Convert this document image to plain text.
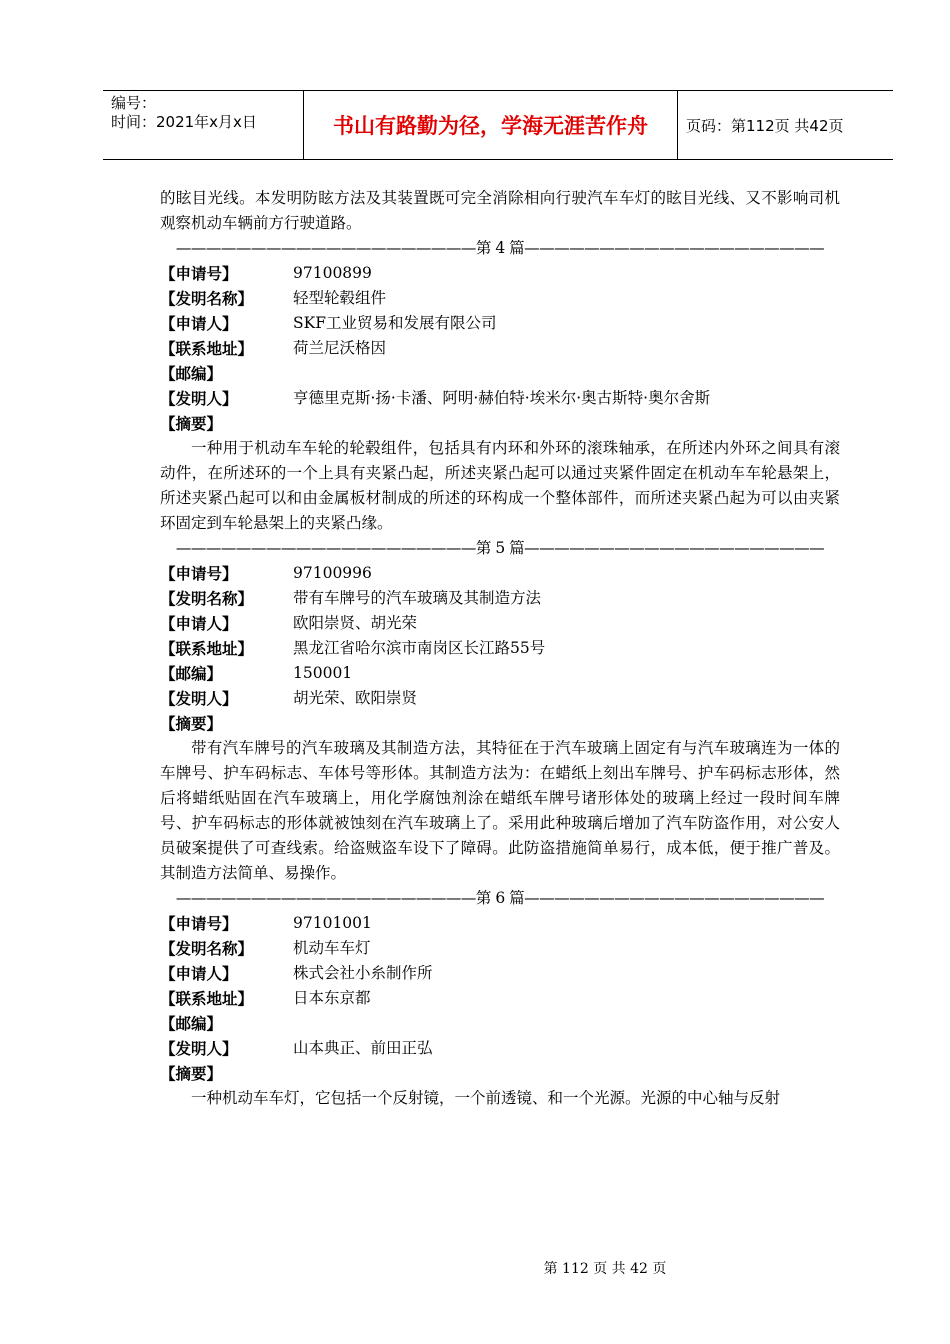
编号：
时间：2021年x月x日	书山有路勤为径，学海无涯苦作舟	页码：第112页 共42页

的眩目光线。本发明防眩方法及其装置既可完全消除相向行驶汽车车灯的眩目光线、又不影响司机观察机动车辆前方行驶道路。

————————————————————第 4 篇————————————————————
【申请号】	97100899
【发明名称】	轻型轮毂组件
【申请人】	SKF工业贸易和发展有限公司
【联系地址】	荷兰尼沃格因
【邮编】
【发明人】	亨德里克斯·扬·卡潘、阿明·赫伯特·埃米尔·奥古斯特·奥尔舍斯
【摘要】

一种用于机动车车轮的轮毂组件，包括具有内环和外环的滚珠轴承，在所述内外环之间具有滚动件，在所述环的一个上具有夹紧凸起，所述夹紧凸起可以通过夹紧件固定在机动车车轮悬架上，所述夹紧凸起可以和由金属板材制成的所述的环构成一个整体部件，而所述夹紧凸起为可以由夹紧环固定到车轮悬架上的夹紧凸缘。

————————————————————第 5 篇————————————————————
【申请号】	97100996
【发明名称】	带有车牌号的汽车玻璃及其制造方法
【申请人】	欧阳崇贤、胡光荣
【联系地址】	黑龙江省哈尔滨市南岗区长江路55号
【邮编】	150001
【发明人】	胡光荣、欧阳崇贤
【摘要】

带有汽车牌号的汽车玻璃及其制造方法，其特征在于汽车玻璃上固定有与汽车玻璃连为一体的车牌号、护车码标志、车体号等形体。其制造方法为：在蜡纸上刻出车牌号、护车码标志形体，然后将蜡纸贴固在汽车玻璃上，用化学腐蚀剂涂在蜡纸车牌号诸形体处的玻璃上经过一段时间车牌号、护车码标志的形体就被蚀刻在汽车玻璃上了。采用此种玻璃后增加了汽车防盗作用，对公安人员破案提供了可查线索。给盗贼盗车设下了障碍。此防盗措施简单易行，成本低，便于推广普及。其制造方法简单、易操作。

————————————————————第 6 篇————————————————————
【申请号】	97101001
【发明名称】	机动车车灯
【申请人】	株式会社小糸制作所
【联系地址】	日本东京都
【邮编】
【发明人】	山本典正、前田正弘
【摘要】

一种机动车车灯，它包括一个反射镜，一个前透镜、和一个光源。光源的中心轴与反射

第 112 页 共 42 页
